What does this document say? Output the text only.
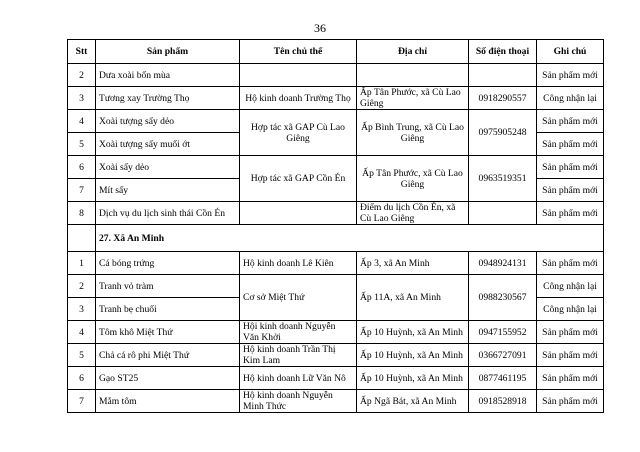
36
Stt	Sản phẩm	Tên chủ thể	Địa chỉ	Số điện thoại	Ghi chú
2	Dưa xoài bốn mùa				Sản phẩm mới
3	Tương xay Trường Thọ	Hộ kinh doanh Trường Thọ	Ấp Tân Phước, xã Cù Lao Giêng	0918290557	Công nhận lại
4	Xoài tượng sấy dẻo	Hợp tác xã GAP Cù Lao Giêng	Ấp Bình Trung, xã Cù Lao Giêng	0975905248	Sản phẩm mới
5	Xoài tượng sấy muối ớt				Sản phẩm mới
6	Xoài sấy dẻo	Hợp tác xã GAP Cồn Én	Ấp Tân Phước, xã Cù Lao Giêng	0963519351	Sản phẩm mới
7	Mít sấy				Sản phẩm mới
8	Dịch vụ du lịch sinh thái Cồn Én		Điểm du lịch Cồn Én, xã Cù Lao Giêng		Sản phẩm mới
	27. Xã An Minh				
1	Cá bóng trứng	Hộ kinh doanh Lê Kiên	Ấp 3, xã An Minh	0948924131	Sản phẩm mới
2	Tranh vỏ tràm	Cơ sở Miệt Thứ	Ấp 11A, xã An Minh	0988230567	Công nhận lại
3	Tranh bẹ chuối				Công nhận lại
4	Tôm khô Miệt Thứ	Hội kinh doanh Nguyễn Văn Khởi	Ấp 10 Huỳnh, xã An Minh	0947155952	Sản phẩm mới
5	Chả cá rô phi Miệt Thứ	Hộ kinh doanh Trần Thị Kim Lam	Ấp 10 Huỳnh, xã An Minh	0366727091	Sản phẩm mới
6	Gạo ST25	Hộ kinh doanh Lữ Văn Nô	Ấp 10 Huỳnh, xã An Minh	0877461195	Sản phẩm mới
7	Mắm tôm	Hộ kinh doanh Nguyễn Minh Thức	Ấp Ngã Bát, xã An Minh	0918528918	Sản phẩm mới
